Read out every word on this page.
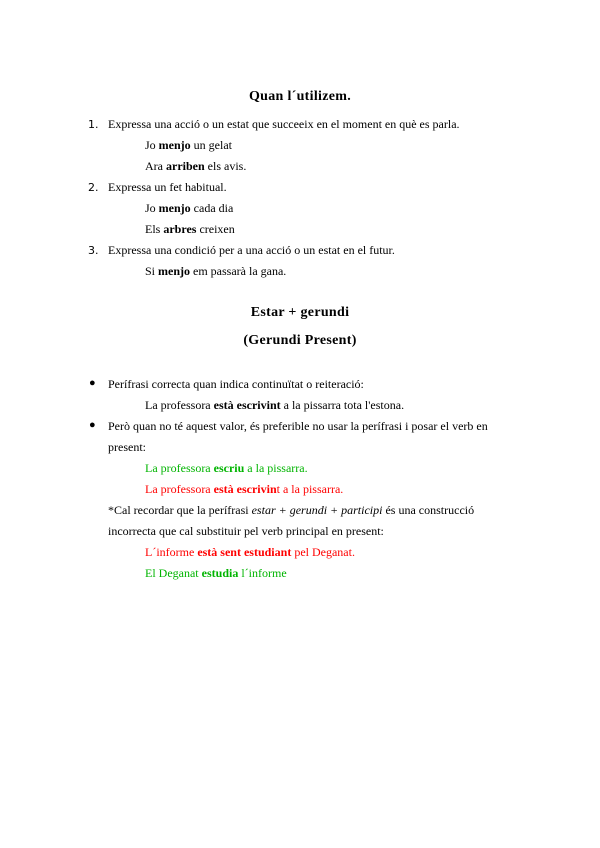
Quan l´utilizem.
1. Expressa una acció o un estat que succeeix en el moment en què es parla.
Jo menjo un gelat
Ara arriben els avis.
2. Expressa un fet habitual.
Jo menjo cada dia
Els arbres creixen
3. Expressa una condició per a una acció o un estat en el futur.
Si menjo em passarà la gana.
Estar + gerundi
(Gerundi Present)
● Perífrasi correcta quan indica continuïtat o reiteració:
La professora està escrivint a la pissarra tota l'estona.
● Però quan no té aquest valor, és preferible no usar la perífrasi i posar el verb en
present:
La professora escriu a la pissarra.
La professora està escrivint a la pissarra.
*Cal recordar que la perífrasi estar + gerundi + participi és una construcció
incorrecta que cal substituir pel verb principal en present:
L´informe està sent estudiant pel Deganat.
El Deganat estudia l´informe
